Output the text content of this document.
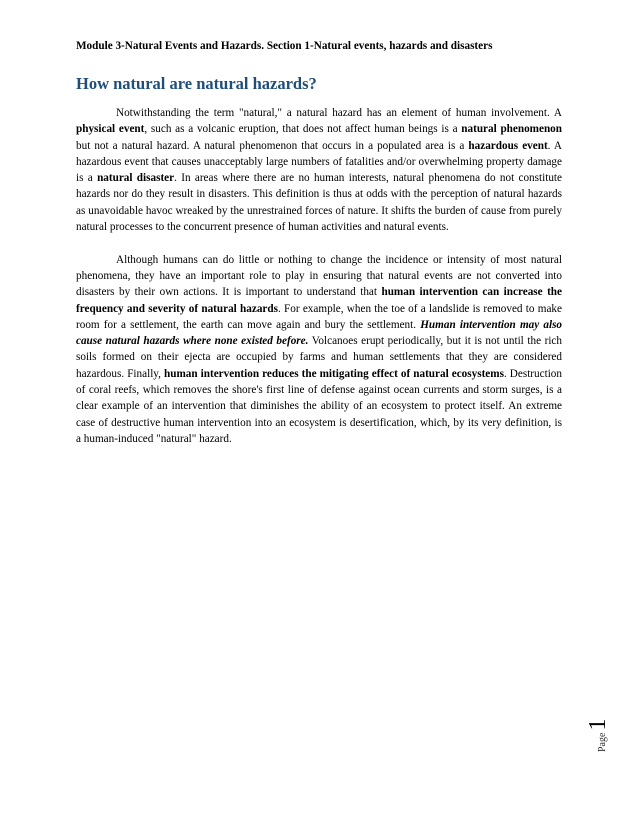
Module 3-Natural Events and Hazards. Section 1-Natural events, hazards and disasters
How natural are natural hazards?

Notwithstanding the term "natural," a natural hazard has an element of human involvement. A physical event, such as a volcanic eruption, that does not affect human beings is a natural phenomenon but not a natural hazard. A natural phenomenon that occurs in a populated area is a hazardous event. A hazardous event that causes unacceptably large numbers of fatalities and/or overwhelming property damage is a natural disaster. In areas where there are no human interests, natural phenomena do not constitute hazards nor do they result in disasters. This definition is thus at odds with the perception of natural hazards as unavoidable havoc wreaked by the unrestrained forces of nature. It shifts the burden of cause from purely natural processes to the concurrent presence of human activities and natural events.

Although humans can do little or nothing to change the incidence or intensity of most natural phenomena, they have an important role to play in ensuring that natural events are not converted into disasters by their own actions. It is important to understand that human intervention can increase the frequency and severity of natural hazards. For example, when the toe of a landslide is removed to make room for a settlement, the earth can move again and bury the settlement. Human intervention may also cause natural hazards where none existed before. Volcanoes erupt periodically, but it is not until the rich soils formed on their ejecta are occupied by farms and human settlements that they are considered hazardous. Finally, human intervention reduces the mitigating effect of natural ecosystems. Destruction of coral reefs, which removes the shore's first line of defense against ocean currents and storm surges, is a clear example of an intervention that diminishes the ability of an ecosystem to protect itself. An extreme case of destructive human intervention into an ecosystem is desertification, which, by its very definition, is a human-induced "natural" hazard.

Page
1
